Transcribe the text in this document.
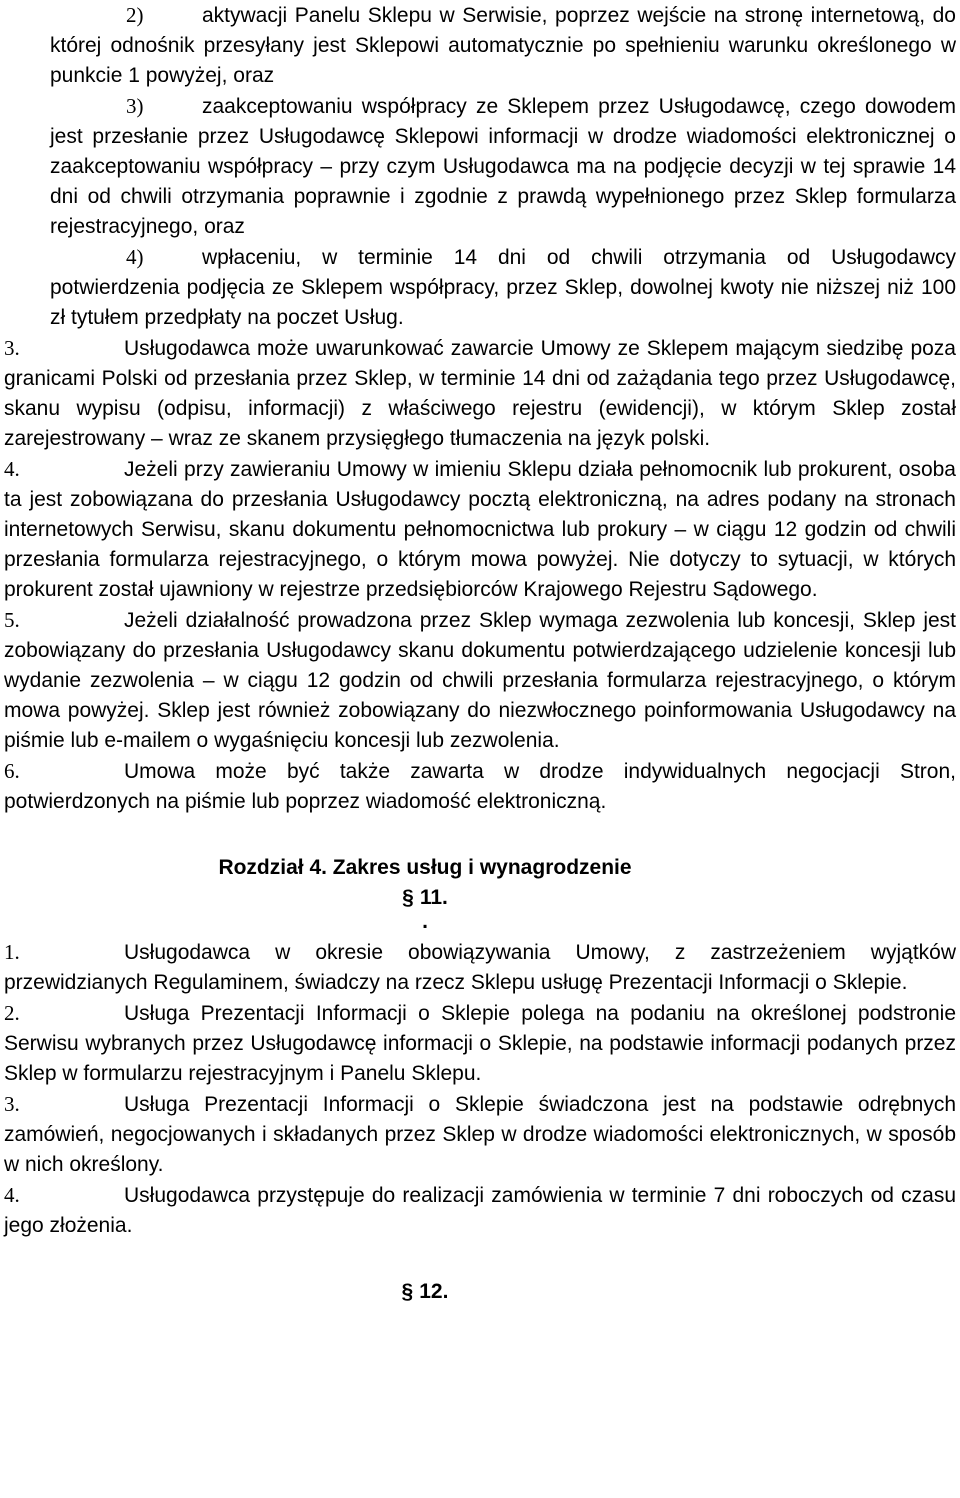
2)	aktywacji Panelu Sklepu w Serwisie, poprzez wejście na stronę internetową, do której odnośnik przesyłany jest Sklepowi automatycznie po spełnieniu warunku określonego w punkcie 1 powyżej, oraz

3)	zaakceptowaniu współpracy ze Sklepem przez Usługodawcę, czego dowodem jest przesłanie przez Usługodawcę Sklepowi informacji w drodze wiadomości elektronicznej o zaakceptowaniu współpracy – przy czym Usługodawca ma na podjęcie decyzji w tej sprawie 14 dni od chwili otrzymania poprawnie i zgodnie z prawdą wypełnionego przez Sklep formularza rejestracyjnego, oraz

4)	wpłaceniu, w terminie 14 dni od chwili otrzymania od Usługodawcy potwierdzenia podjęcia ze Sklepem współpracy, przez Sklep, dowolnej kwoty nie niższej niż 100 zł tytułem przedpłaty na poczet Usług.

3.	Usługodawca może uwarunkować zawarcie Umowy ze Sklepem mającym siedzibę poza granicami Polski od przesłania przez Sklep, w terminie 14 dni od zażądania tego przez Usługodawcę, skanu wypisu (odpisu, informacji) z właściwego rejestru (ewidencji), w którym Sklep został zarejestrowany – wraz ze skanem przysięgłego tłumaczenia na język polski.

4.	Jeżeli przy zawieraniu Umowy w imieniu Sklepu działa pełnomocnik lub prokurent, osoba ta jest zobowiązana do przesłania Usługodawcy pocztą elektroniczną, na adres podany na stronach internetowych Serwisu, skanu dokumentu pełnomocnictwa lub prokury – w ciągu 12 godzin od chwili przesłania formularza rejestracyjnego, o którym mowa powyżej. Nie dotyczy to sytuacji, w których prokurent został ujawniony w rejestrze przedsiębiorców Krajowego Rejestru Sądowego.

5.	Jeżeli działalność prowadzona przez Sklep wymaga zezwolenia lub koncesji, Sklep jest zobowiązany do przesłania Usługodawcy skanu dokumentu potwierdzającego udzielenie koncesji lub wydanie zezwolenia – w ciągu 12 godzin od chwili przesłania formularza rejestracyjnego, o którym mowa powyżej. Sklep jest również zobowiązany do niezwłocznego poinformowania Usługodawcy na piśmie lub e-mailem o wygaśnięciu koncesji lub zezwolenia.

6.	Umowa może być także zawarta w drodze indywidualnych negocjacji Stron, potwierdzonych na piśmie lub poprzez wiadomość elektroniczną.

Rozdział 4. Zakres usług i wynagrodzenie
§ 11.
.

1.	Usługodawca w okresie obowiązywania Umowy, z zastrzeżeniem wyjątków przewidzianych Regulaminem, świadczy na rzecz Sklepu usługę Prezentacji Informacji o Sklepie.

2.	Usługa Prezentacji Informacji o Sklepie polega na podaniu na określonej podstronie Serwisu wybranych przez Usługodawcę informacji o Sklepie, na podstawie informacji podanych przez Sklep w formularzu rejestracyjnym i Panelu Sklepu.

3.	Usługa Prezentacji Informacji o Sklepie świadczona jest na podstawie odrębnych zamówień, negocjowanych i składanych przez Sklep w drodze wiadomości elektronicznych, w sposób w nich określony.

4.	Usługodawca przystępuje do realizacji zamówienia w terminie 7 dni roboczych od czasu jego złożenia.

§ 12.
